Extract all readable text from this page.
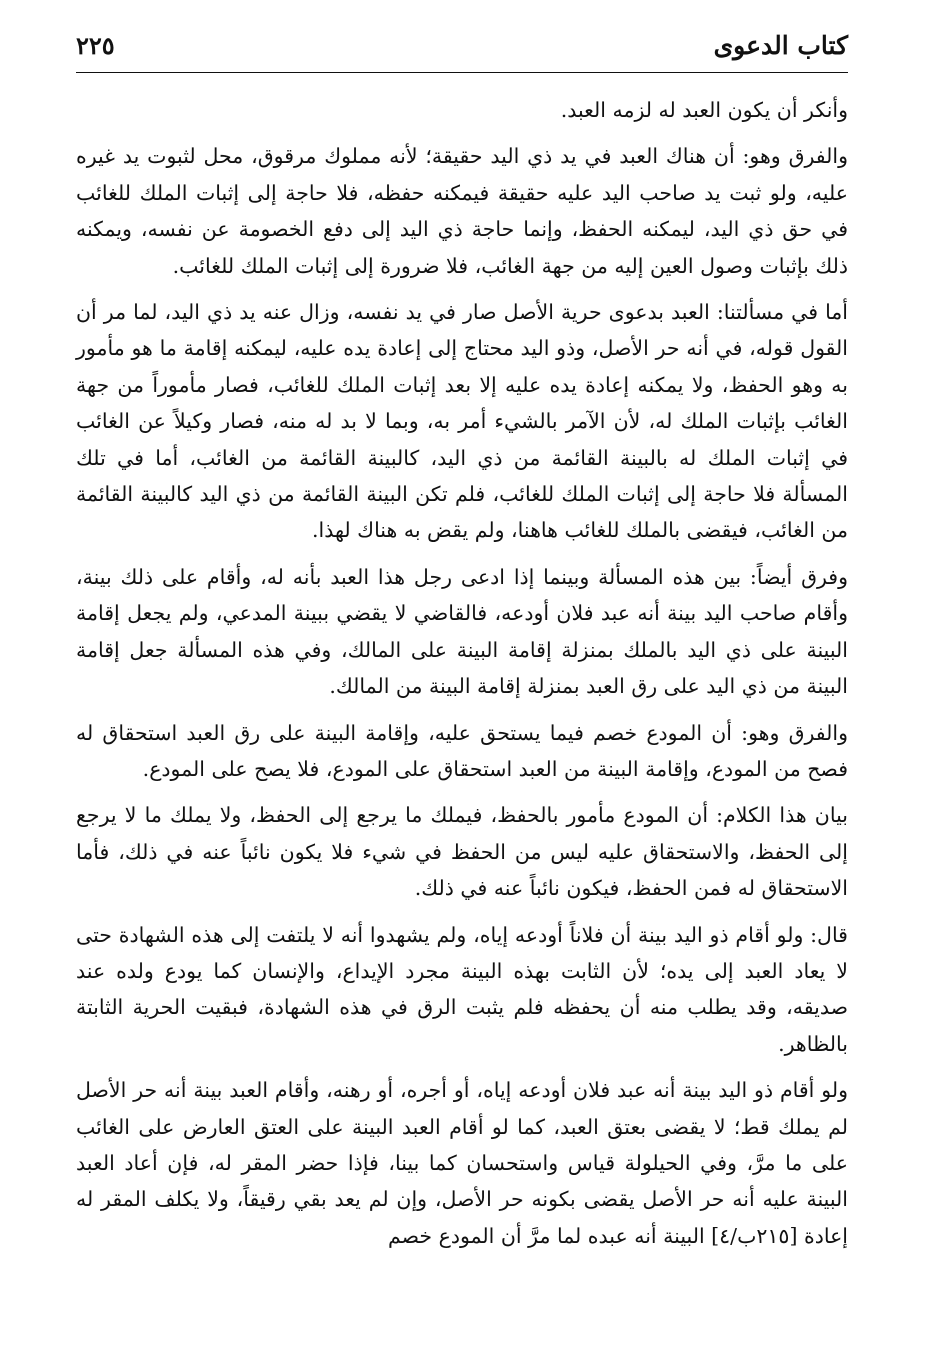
كتاب الدعوى
٢٢٥

وأنكر أن يكون العبد له لزمه العبد.

والفرق وهو: أن هناك العبد في يد ذي اليد حقيقة؛ لأنه مملوك مرقوق، محل لثبوت يد غيره عليه، ولو ثبت يد صاحب اليد عليه حقيقة فيمكنه حفظه، فلا حاجة إلى إثبات الملك للغائب في حق ذي اليد، ليمكنه الحفظ، وإنما حاجة ذي اليد إلى دفع الخصومة عن نفسه، ويمكنه ذلك بإثبات وصول العين إليه من جهة الغائب، فلا ضرورة إلى إثبات الملك للغائب.

أما في مسألتنا: العبد بدعوى حرية الأصل صار في يد نفسه، وزال عنه يد ذي اليد، لما مر أن القول قوله، في أنه حر الأصل، وذو اليد محتاج إلى إعادة يده عليه، ليمكنه إقامة ما هو مأمور به وهو الحفظ، ولا يمكنه إعادة يده عليه إلا بعد إثبات الملك للغائب، فصار مأموراً من جهة الغائب بإثبات الملك له، لأن الآمر بالشيء أمر به، وبما لا بد له منه، فصار وكيلاً عن الغائب في إثبات الملك له بالبينة القائمة من ذي اليد، كالبينة القائمة من الغائب، أما في تلك المسألة فلا حاجة إلى إثبات الملك للغائب، فلم تكن البينة القائمة من ذي اليد كالبينة القائمة من الغائب، فيقضى بالملك للغائب هاهنا، ولم يقض به هناك لهذا.

وفرق أيضاً: بين هذه المسألة وبينما إذا ادعى رجل هذا العبد بأنه له، وأقام على ذلك بينة، وأقام صاحب اليد بينة أنه عبد فلان أودعه، فالقاضي لا يقضي ببينة المدعي، ولم يجعل إقامة البينة على ذي اليد بالملك بمنزلة إقامة البينة على المالك، وفي هذه المسألة جعل إقامة البينة من ذي اليد على رق العبد بمنزلة إقامة البينة من المالك.

والفرق وهو: أن المودع خصم فيما يستحق عليه، وإقامة البينة على رق العبد استحقاق له فصح من المودع، وإقامة البينة من العبد استحقاق على المودع، فلا يصح على المودع.

بيان هذا الكلام: أن المودع مأمور بالحفظ، فيملك ما يرجع إلى الحفظ، ولا يملك ما لا يرجع إلى الحفظ، والاستحقاق عليه ليس من الحفظ في شيء فلا يكون نائباً عنه في ذلك، فأما الاستحقاق له فمن الحفظ، فيكون نائباً عنه في ذلك.

قال: ولو أقام ذو اليد بينة أن فلاناً أودعه إياه، ولم يشهدوا أنه لا يلتفت إلى هذه الشهادة حتى لا يعاد العبد إلى يده؛ لأن الثابت بهذه البينة مجرد الإيداع، والإنسان كما يودع ولده عند صديقه، وقد يطلب منه أن يحفظه فلم يثبت الرق في هذه الشهادة، فبقيت الحرية الثابتة بالظاهر.

ولو أقام ذو اليد بينة أنه عبد فلان أودعه إياه، أو أجره، أو رهنه، وأقام العبد بينة أنه حر الأصل لم يملك قط؛ لا يقضى بعتق العبد، كما لو أقام العبد البينة على العتق العارض على الغائب على ما مرَّ، وفي الحيلولة قياس واستحسان كما بينا، فإذا حضر المقر له، فإن أعاد العبد البينة عليه أنه حر الأصل يقضى بكونه حر الأصل، وإن لم يعد بقي رقيقاً، ولا يكلف المقر له إعادة [٢١٥ب/٤] البينة أنه عبده لما مرَّ أن المودع خصم
